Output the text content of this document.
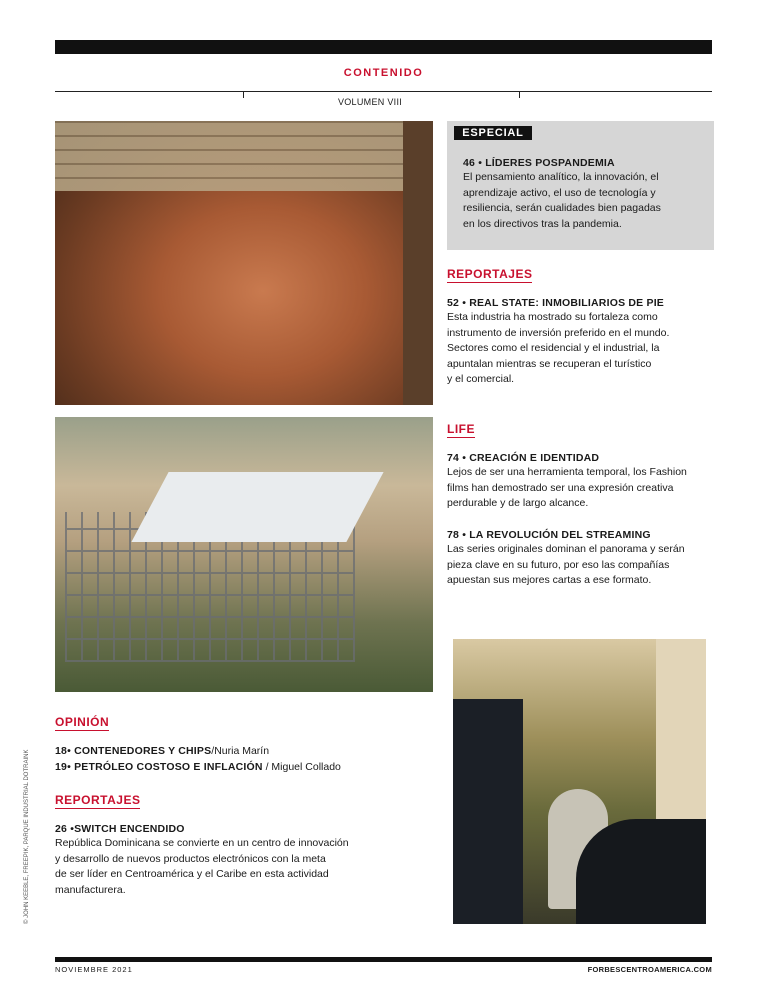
CONTENIDO
VOLUMEN VIII
ESPECIAL
46 • LÍDERES POSPANDEMIA
El pensamiento analítico, la innovación, el
aprendizaje activo, el uso de tecnología y
resiliencia, serán cualidades bien pagadas
en los directivos tras la pandemia.
REPORTAJES
52 • REAL STATE: INMOBILIARIOS DE PIE
Esta industria ha mostrado su fortaleza como
instrumento de inversión preferido en el mundo.
Sectores como el residencial y el industrial, la
apuntalan mientras se recuperan el turístico
y el comercial.
LIFE
74 • CREACIÓN E IDENTIDAD
Lejos de ser una herramienta temporal, los Fashion
films han demostrado ser una expresión creativa
perdurable y de largo alcance.
78 • LA REVOLUCIÓN DEL STREAMING
Las series originales dominan el panorama y serán
pieza clave en su futuro, por eso las compañías
apuestan sus mejores cartas a ese formato.
OPINIÓN
18• CONTENEDORES Y CHIPS/Nuria Marín
19• PETRÓLEO COSTOSO E INFLACIÓN / Miguel Collado
REPORTAJES
26 •SWITCH ENCENDIDO
República Dominicana se convierte en un centro de innovación
y desarrollo de nuevos productos electrónicos con la meta
de ser líder en Centroamérica y el Caribe en esta actividad
manufacturera.
© JOHN KEEBLE, FREEPIK, PARQUE INDUSTRIAL DOTRAINK
NOVIEMBRE 2021	FORBESCENTROAMERICA.COM
